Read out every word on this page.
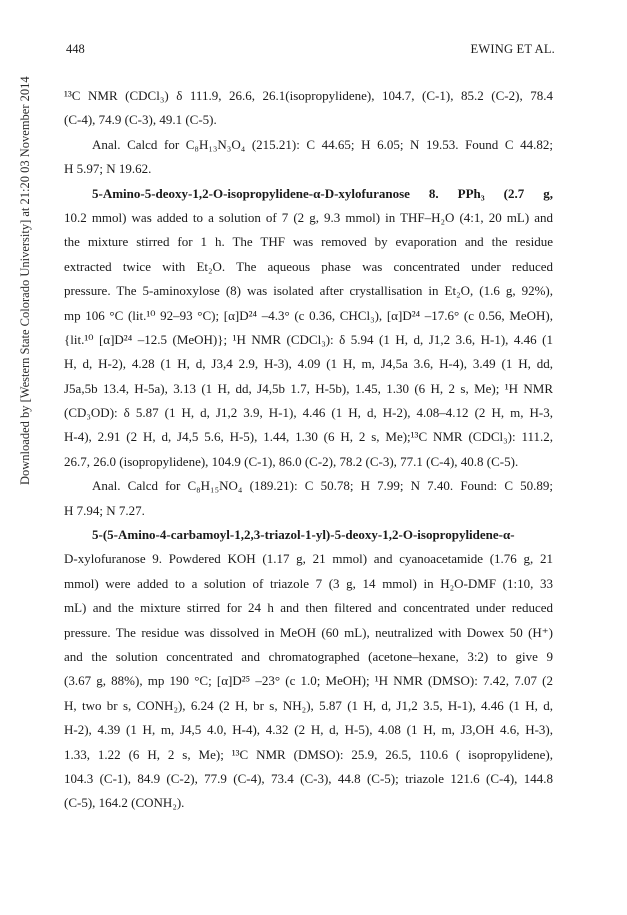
448	EWING ET AL.
Downloaded by [Western State Colorado University] at 21:20 03 November 2014 ¹³C NMR (CDCl₃) δ 111.9, 26.6, 26.1(isopropylidene), 104.7, (C-1), 85.2 (C-2), 78.4
(C-4), 74.9 (C-3), 49.1 (C-5).
Anal. Calcd for C₈H₁₃N₃O₄ (215.21): C 44.65; H 6.05; N 19.53. Found C 44.82;
H 5.97; N 19.62.
5-Amino-5-deoxy-1,2-O-isopropylidene-α-D-xylofuranose 8. PPh₃ (2.7 g,
10.2 mmol) was added to a solution of 7 (2 g, 9.3 mmol) in THF–H₂O (4:1, 20 mL) and
the mixture stirred for 1 h. The THF was removed by evaporation and the residue
extracted twice with Et₂O. The aqueous phase was concentrated under reduced
pressure. The 5-aminoxylose (8) was isolated after crystallisation in Et₂O, (1.6 g, 92%),
mp 106 °C (lit.¹⁰ 92–93 °C); [α]D²⁴ –4.3° (c 0.36, CHCl₃), [α]D²⁴ –17.6° (c 0.56, MeOH),
{lit.¹⁰ [α]D²⁴ –12.5 (MeOH)}; ¹H NMR (CDCl₃): δ 5.94 (1 H, d, J1,2 3.6, H-1), 4.46 (1
H, d, H-2), 4.28 (1 H, d, J3,4 2.9, H-3), 4.09 (1 H, m, J4,5a 3.6, H-4), 3.49 (1 H, dd,
J5a,5b 13.4, H-5a), 3.13 (1 H, dd, J4,5b 1.7, H-5b), 1.45, 1.30 (6 H, 2 s, Me); ¹H NMR
(CD₃OD): δ 5.87 (1 H, d, J1,2 3.9, H-1), 4.46 (1 H, d, H-2), 4.08–4.12 (2 H, m, H-3,
H-4), 2.91 (2 H, d, J4,5 5.6, H-5), 1.44, 1.30 (6 H, 2 s, Me);¹³C NMR (CDCl₃): 111.2,
26.7, 26.0 (isopropylidene), 104.9 (C-1), 86.0 (C-2), 78.2 (C-3), 77.1 (C-4), 40.8 (C-5).
Anal. Calcd for C₈H₁₅NO₄ (189.21): C 50.78; H 7.99; N 7.40. Found: C 50.89;
H 7.94; N 7.27.
5-(5-Amino-4-carbamoyl-1,2,3-triazol-1-yl)-5-deoxy-1,2-O-isopropylidene-α-
D-xylofuranose 9. Powdered KOH (1.17 g, 21 mmol) and cyanoacetamide (1.76 g, 21
mmol) were added to a solution of triazole 7 (3 g, 14 mmol) in H₂O-DMF (1:10, 33
mL) and the mixture stirred for 24 h and then filtered and concentrated under reduced
pressure. The residue was dissolved in MeOH (60 mL), neutralized with Dowex 50 (H⁺)
and the solution concentrated and chromatographed (acetone–hexane, 3:2) to give 9
(3.67 g, 88%), mp 190 °C; [α]D²⁵ –23° (c 1.0; MeOH); ¹H NMR (DMSO): 7.42, 7.07 (2
H, two br s, CONH₂), 6.24 (2 H, br s, NH₂), 5.87 (1 H, d, J1,2 3.5, H-1), 4.46 (1 H, d,
H-2), 4.39 (1 H, m, J4,5 4.0, H-4), 4.32 (2 H, d, H-5), 4.08 (1 H, m, J3,OH 4.6, H-3),
1.33, 1.22 (6 H, 2 s, Me); ¹³C NMR (DMSO): 25.9, 26.5, 110.6 ( isopropylidene),
104.3 (C-1), 84.9 (C-2), 77.9 (C-4), 73.4 (C-3), 44.8 (C-5); triazole 121.6 (C-4), 144.8
(C-5), 164.2 (CONH₂).
